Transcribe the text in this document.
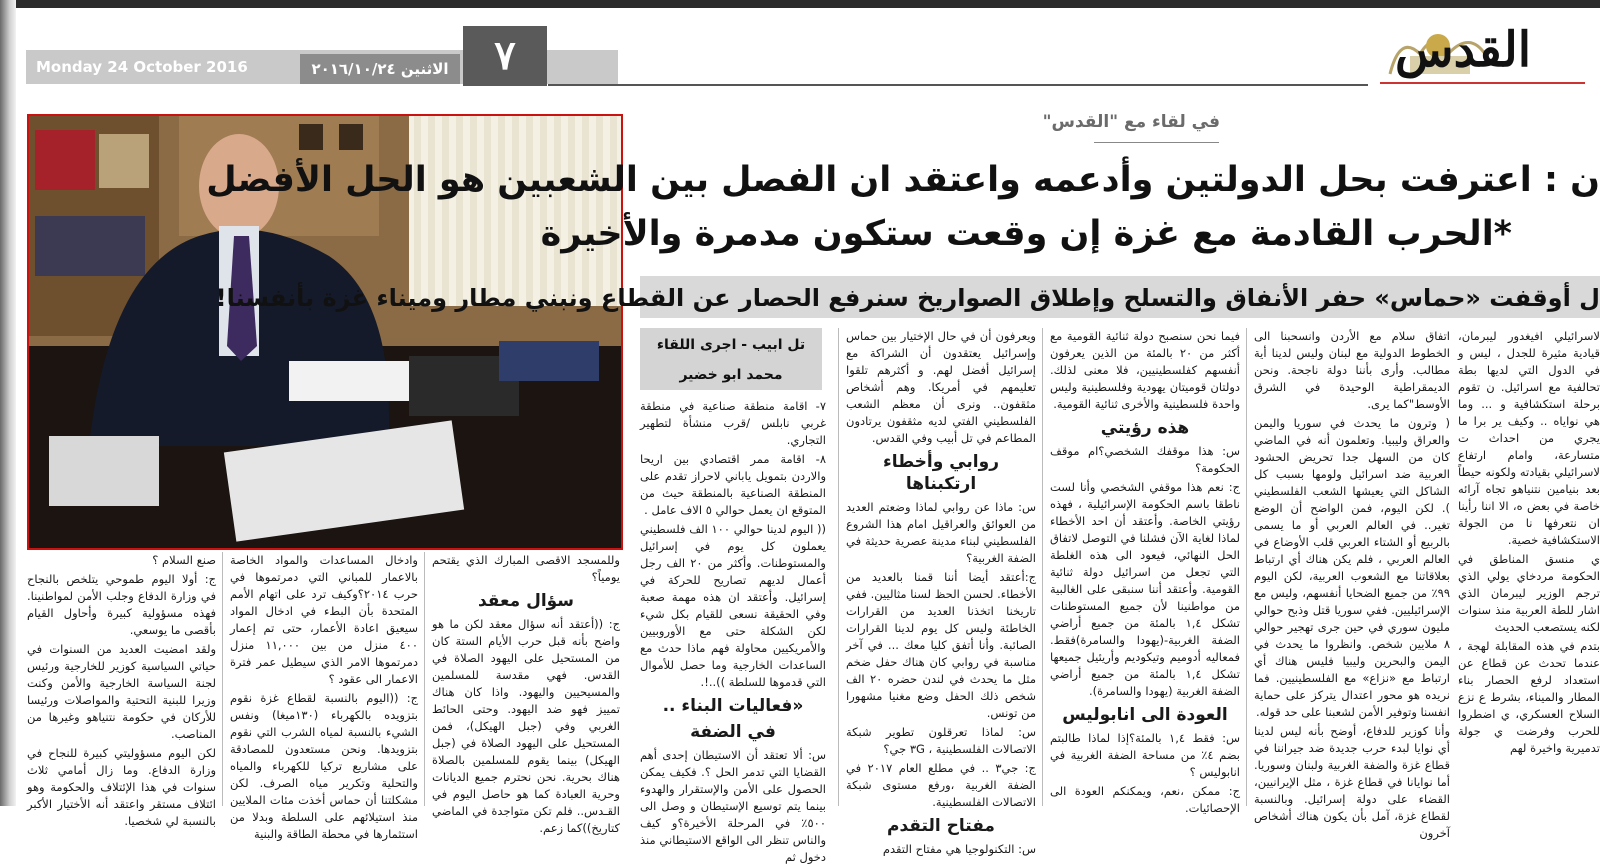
Monday 24 October 2016	الاثنين ٢٠١٦/١٠/٢٤	٧	القدس
في لقاء مع "القدس"
ن : اعترفت بحل الدولتين وأدعمه واعتقد ان الفصل بين الشعبين هو الحل الأفضل
*الحرب القادمة مع غزة إن وقعت ستكون مدمرة والأخيرة
ل أوقفت «حماس» حفر الأنفاق والتسلح وإطلاق الصواريخ سنرفع الحصار عن القطاع ونبني مطار وميناء غزة بأنفسنا!
تل ابيب - اجرى اللقاء
محمد ابو خضير

لاسرائيلي افيغدور ليبرمان، قيادية مثيرة للجدل ، ليس و في الدول التي لديها بطة تحالفية مع اسرائيل. ن تقوم برحلة استكشافية و ... وما هي نواياه .. وكيف ير برا ما يجري من احداث ت متسارعة، وامام ارتفاع لاسرائيلي بقيادته ولكونه حيطاً بعد بنيامين نتنياهو تجاه آرائه خاصة في بعض ه، الا اننا رأينا ان نتعرفها نا من الجولة الاستكشافية خصية.

ي منسق المناطق في الحكومة مردخاي يولي الذي ترجم الوزير ليبرمان الذي اشار للطة العربية منذ سنوات لكنه يستصعب الحديث

بتدم في هذه المقابلة لهجة ، عندما تحدث عن قطاع عن استعداد لرفع الحصار بناء المطار والميناء، بشرط ع نزع السلاح العسكري، ي اضطروا للحرب وفرضت ي جولة تدميرية واخيرة لهم

اتفاق سلام مع الأردن وانسحبنا الى الخطوط الدولية مع لبنان وليس لدينا أية مطالب. وأرى بأننا دولة ناجحة. ونحن الديمقراطية الوحيدة في الشرق الأوسط"كما يرى.

( وترون ما يحدث في سوريا واليمن والعراق وليبيا. وتعلمون أنه في الماضي كان من السهل جدا تحريض الحشود العربية ضد اسرائيل ولومها بسبب كل الشاكل التي يعيشها الشعب الفلسطيني ). لكن اليوم، فمن الواضح أن الوضع تغير.. في العالم العربي أو ما يسمى بالربيع أو الشتاء العربي قلب الأوضاع في العالم العربي ، فلم يكن هناك أي ارتباط بعلاقاتنا مع الشعوب العربية، لكن اليوم ٩٩٪ من جميع الضحايا أنفسهم، وليس مع الإسرائيليين. ففي سوريا قتل وذبح حوالي مليون سوري في حين جرى تهجير حوالي ٨ ملايين شخص. وانظروا ما يحدث في اليمن والبحرين وليبيا فليس هناك أي ارتباط مع «نزاع» مع الفلسطينيين. فما نريده هو محور اعتدال يتركز على حماية انفسنا وتوفير الأمن لشعبنا على حد قوله.

وأنا كوزير للدفاع، أوضح بأنه ليس لدينا أي نوايا لبدء حرب جديدة ضد جيراننا في قطاع غزة والضفة الغربية ولبنان وسوريا. أما نوايانا في قطاع غزة ، مثل الإيرانيين، القضاء على دولة إسرائيل. وبالنسبة لقطاع غزة، آمل بأن يكون هناك أشخاص آخرون

فيما نحن سنصبح دولة ثنائية القومية مع أكثر من ٢٠ بالمئة من الذين يعرفون أنفسهم كفلسطينيين، فلا معنى لذلك. دولتان قوميتان يهودية وفلسطينية وليس واحدة فلسطينية والأخرى ثنائية القومية.

هذه رؤيتي

س: هذا موقفك الشخصي؟ام موقف الحكومة؟

ج: نعم هذا موقفي الشخصي وأنا لست ناطقا باسم الحكومة الإسرائيلية ، فهذه رؤيتي الخاصة. وأعتقد أن احد الأخطاء لماذا لغاية الآن فشلنا في التوصل لاتفاق الحل النهائي، فيعود الى هذه الغلطة التي تجعل من اسرائيل دولة ثنائية القومية. وأعتقد أننا سنبقى على الغالبية من مواطنينا لأن جميع المستوطنات تشكل ١,٤ بالمئة من جميع أراضي الضفة الغربية-(يهودا والسامرة)فقط. فمعاليه أدوميم وتيكوديم وأريئيل جميعها تشكل ١,٤ بالمئة من جميع أراضي الضفة الغربية (يهودا والسامرة).

العودة الى انابوليس

س: فقط ١,٤ بالمئة؟إذا لماذا طالبتم بضم ٤٪ من مساحة الضفة الغربية في انابوليس ؟

ج: ممكن ،نعم، ويمكنكم العودة الى الإحصائيات.

ويعرفون أن في حال الإختيار بين حماس وإسرائيل يعتقدون أن الشراكة مع إسرائيل أفضل لهم. و أكثرهم تلقوا تعليمهم في أمريكا. وهم أشخاص مثقفون.. ونرى أن معظم الشعب الفلسطيني الفتي لديه مثقفون يرتادون المطاعم في تل أبيب وفي القدس.

روابي وأخطاء ارتكبناها

س: ماذا عن روابي لماذا وضعتم العديد من العوائق والعراقيل امام هذا الشروع الفلسطيني لبناء مدينة عصرية حديثة في الضفة الغربية؟

ج:أعتقد أيضا أننا قمنا بالعديد من الأخطاء. لحسن الحظ لسنا مثاليين. ففي تاريخنا اتخذنا العديد من القرارات الخاطئة وليس كل يوم لدينا القرارات الصائبة. وأنا أتفق كليا معك ... في آخر مناسبة في روابي كان هناك حفل ضخم مثل ما يحدث في لندن حضره ٢٠ الف شخص ذلك الحفل وضع مغنيا مشهورا من تونس.

س: لماذا تعرقلون تطوير شبكة الاتصالات الفلسطينية ، ٣G جي؟

ج: جي٣ .. في مطلع العام ٢٠١٧ في الضفة الغربية ،ورفع مستوى شبكة الاتصالات الفلسطينية.

مفتاح التقدم

س: التكنولوجيا هي مفتاح التقدم

٧- اقامة منطقة صناعية في منطقة غربي نابلس /قرب منشأة لتطهير التجاري.

٨- اقامة ممر اقتصادي بين اريحا والاردن بتمويل ياباني لاحراز تقدم على المنطقة الصناعية بالمنطقة حيث من المتوقع ان يعمل حوالي ٥ الاف عامل .

(( اليوم لدينا حوالي ١٠٠ الف فلسطيني يعملون كل يوم في إسرائيل والمستوطنات. وأكثر من ٢٠ الف رجل أعمال لديهم تصاريح للحركة في إسرائيل. وأعتقد ان هذه مهمة صعبة وفي الحقيقة نسعى للقيام بكل شيء لكن الشكلة حتى مع الأوروبيين والأمريكيين محاولة فهم ماذا حدث مع الساعدات الخارجية وما حصل للأموال التي قدموها للسلطة ))..!.

«فعاليات البناء ..
في الضفة

س: ألا تعتقد أن الاستيطان إحدى أهم القضايا التي تدمر الحل ؟. فكيف يمكن الحصول على الأمن والإستقرار والهدوء بينما يتم توسيع الإستيطان و وصل الى ٥٠٠٪ في المرحلة الأخيرة؟و كيف والناس تنظر الى الواقع الاستيطاني منذ دخول ثم

وللمسجد الاقصى المبارك الذي يقتحم يومياً؟

سؤال معقد

ج: ((أعتقد أنه سؤال معقد لكن ما هو واضح بأنه قبل حرب الأيام الستة كان من المستحيل على اليهود الصلاة في القدس. فهي مقدسة للمسلمين والمسيحيين واليهود. واذا كان هناك تمييز فهو ضد اليهود. وحتى الحائط الغربي وفي (جبل الهيكل)، فمن المستحيل على اليهود الصلاة في (جبل الهيكل) بينما يقوم للمسلمين بالصلاة هناك بحرية. نحن نحترم جميع الديانات وحرية العبادة كما هو حاصل اليوم في القـدس.. فلم تكن متواجدة في الماضي كتاريخ))كما زعم.

وادخال المساعدات والمواد الخاصة بالاعمار للمباني التي دمرتموها في حرب ٢٠١٤؟وكيف ترد على اتهام الأمم المتحدة بأن البطء في ادخال المواد سيعيق اعادة الأعمار، حتى تم إعمار ٤٠٠ منزل من بين ١١,٠٠٠ منزل دمرتموها الامر الذي سيطيل عمر فترة الاعمار الى عقود ؟

ج: ((اليوم بالنسبة لقطاع غزة نقوم بتزويده بالكهرباء (١٣٠ميغا) ونفس الشيء بالنسبة لمياه الشرب التي نقوم بتزويدها. ونحن مستعدون للمصادقة على مشاريع تركيا للكهرباء والمياه والتحلية وتكرير مياه الصرف. لكن مشكلتنا أن حماس أخذت مئات الملايين منذ استيلائهم على السلطة وبدلا من استثمارها في محطة الطاقة والبنية

صنع السلام ؟

ج: أولا اليوم طموحي يتلخص بالنجاح في وزارة الدفاع وجلب الأمن لمواطنينا. فهذه مسؤولية كبيرة وأحاول القيام بأقصى ما يوسعي.

ولقد امضيت العديد من السنوات في حياتي السياسية كوزير للخارجية ورئيس لجنة السياسة الخارجية والأمن وكنت وزيرا للبنية التحتية والمواصلات ورئيسا للأركان في حكومة نتنياهو وغيرها من المناصب.

لكن اليوم مسؤوليتي كبيرة للنجاح في وزارة الدفاع. وما زال أمامي ثلاث سنوات في هذا الإئتلاف والحكومة وهو ائتلاف مستقر واعتقد أنه الأختيار الأكبر بالنسبة لي شخصيا.
